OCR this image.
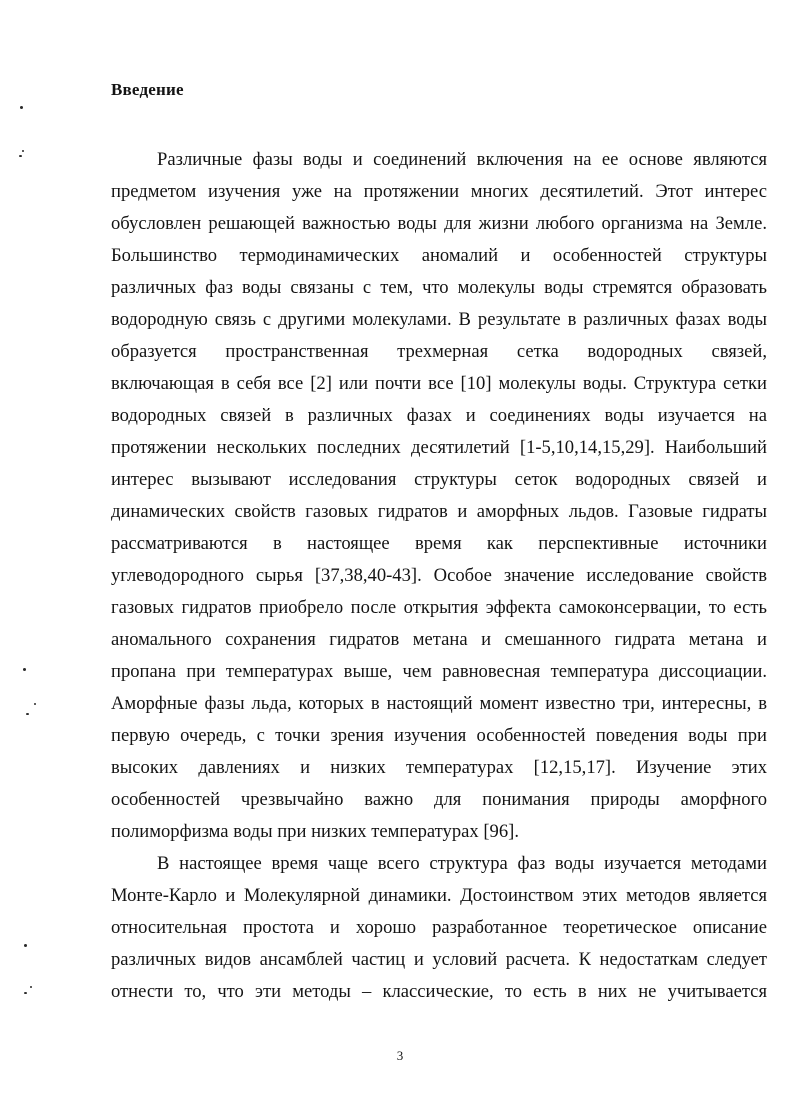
Введение
Различные фазы воды и соединений включения на ее основе являются
предметом изучения уже на протяжении многих десятилетий. Этот интерес
обусловлен решающей важностью воды для жизни любого организма на Земле.
Большинство термодинамических аномалий и особенностей структуры
различных фаз воды связаны с тем, что молекулы воды стремятся образовать
водородную связь с другими молекулами. В результате в различных фазах воды
образуется пространственная трехмерная сетка водородных связей,
включающая в себя все [2] или почти все [10] молекулы воды. Структура сетки
водородных связей в различных фазах и соединениях воды изучается на
протяжении нескольких последних десятилетий [1-5,10,14,15,29]. Наибольший
интерес вызывают исследования структуры сеток водородных связей и
динамических свойств газовых гидратов и аморфных льдов. Газовые гидраты
рассматриваются в настоящее время как перспективные источники
углеводородного сырья [37,38,40-43]. Особое значение исследование свойств
газовых гидратов приобрело после открытия эффекта самоконсервации, то есть
аномального сохранения гидратов метана и смешанного гидрата метана и
пропана при температурах выше, чем равновесная температура диссоциации.
Аморфные фазы льда, которых в настоящий момент известно три, интересны, в
первую очередь, с точки зрения изучения особенностей поведения воды при
высоких давлениях и низких температурах [12,15,17]. Изучение этих
особенностей чрезвычайно важно для понимания природы аморфного
полиморфизма воды при низких температурах [96].
В настоящее время чаще всего структура фаз воды изучается методами
Монте-Карло и Молекулярной динамики. Достоинством этих методов является
относительная простота и хорошо разработанное теоретическое описание
различных видов ансамблей частиц и условий расчета. К недостаткам следует
отнести то, что эти методы – классические, то есть в них не учитывается
3
